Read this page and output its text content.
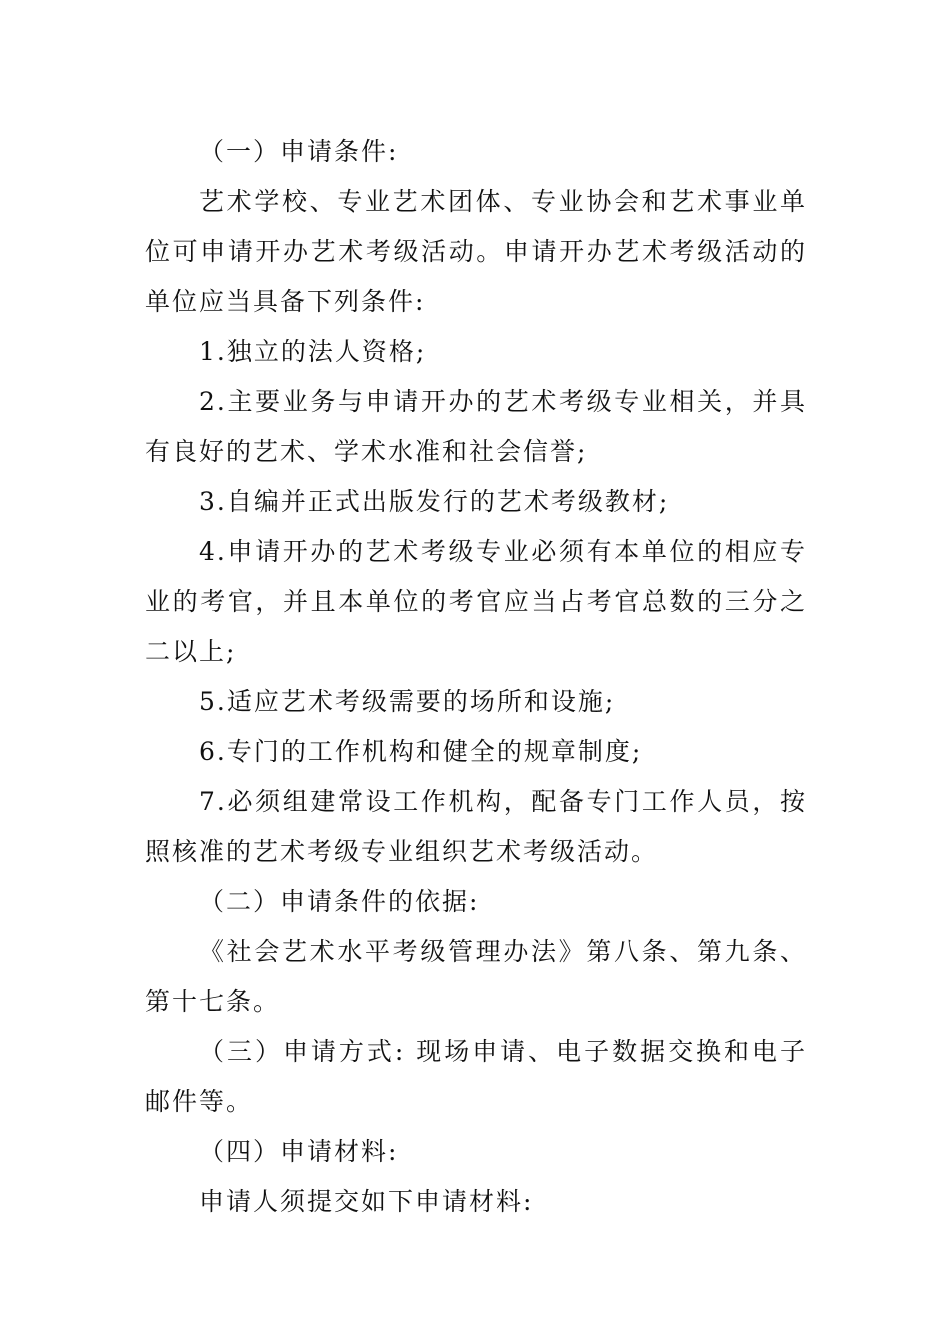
（一）申请条件:

艺术学校、专业艺术团体、专业协会和艺术事业单位可申请开办艺术考级活动。申请开办艺术考级活动的单位应当具备下列条件:

1.独立的法人资格;

2.主要业务与申请开办的艺术考级专业相关，并具有良好的艺术、学术水准和社会信誉;

3.自编并正式出版发行的艺术考级教材;

4.申请开办的艺术考级专业必须有本单位的相应专业的考官，并且本单位的考官应当占考官总数的三分之二以上;

5.适应艺术考级需要的场所和设施;

6.专门的工作机构和健全的规章制度;

7.必须组建常设工作机构，配备专门工作人员，按照核准的艺术考级专业组织艺术考级活动。

（二）申请条件的依据:

《社会艺术水平考级管理办法》第八条、第九条、第十七条。

（三）申请方式: 现场申请、电子数据交换和电子邮件等。

（四）申请材料:

申请人须提交如下申请材料:
